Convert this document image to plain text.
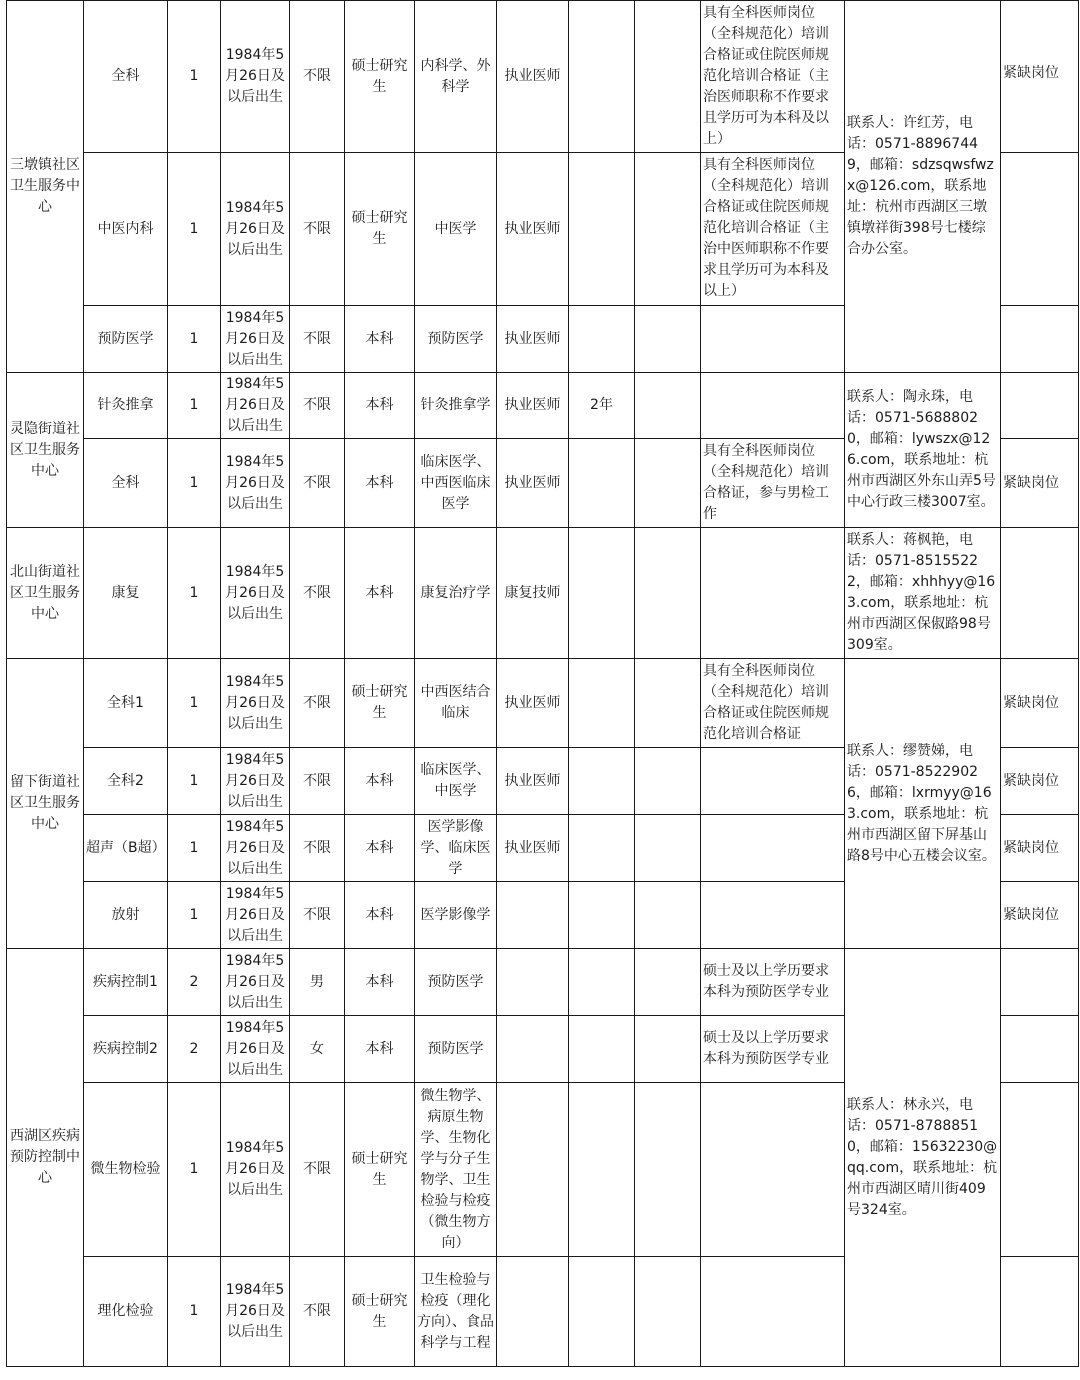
三墩镇社区卫生服务中心	全科	1	1984年5月26日及以后出生	不限	硕士研究生	内科学、外科学	执业医师			具有全科医师岗位（全科规范化）培训合格证或住院医师规范化培训合格证（主治医师职称不作要求且学历可为本科及以上）	联系人：许红芳，电话：0571-88967449，邮箱：sdzsqwsfwzx@126.com，联系地址：杭州市西湖区三墩镇墩祥街398号七楼综合办公室。	紧缺岗位
	中医内科	1	1984年5月26日及以后出生	不限	硕士研究生	中医学	执业医师			具有全科医师岗位（全科规范化）培训合格证或住院医师规范化培训合格证（主治中医师职称不作要求且学历可为本科及以上）		
	预防医学	1	1984年5月26日及以后出生	不限	本科	预防医学	执业医师					
灵隐街道社区卫生服务中心	针灸推拿	1	1984年5月26日及以后出生	不限	本科	针灸推拿学	执业医师	2年			联系人：陶永珠，电话：0571-56888020，邮箱：lywszx@126.com，联系地址：杭州市西湖区外东山弄5号中心行政三楼3007室。	
	全科	1	1984年5月26日及以后出生	不限	本科	临床医学、中西医临床医学	执业医师			具有全科医师岗位（全科规范化）培训合格证，参与男检工作		紧缺岗位
北山街道社区卫生服务中心	康复	1	1984年5月26日及以后出生	不限	本科	康复治疗学	康复技师				联系人：蒋枫艳，电话：0571-85155222，邮箱：xhhhyy@163.com，联系地址：杭州市西湖区保俶路98号309室。	
留下街道社区卫生服务中心	全科1	1	1984年5月26日及以后出生	不限	硕士研究生	中西医结合临床	执业医师			具有全科医师岗位（全科规范化）培训合格证或住院医师规范化培训合格证	联系人：缪赞娣，电话：0571-85229026，邮箱：lxrmyy@163.com，联系地址：杭州市西湖区留下屏基山路8号中心五楼会议室。	紧缺岗位
	全科2	1	1984年5月26日及以后出生	不限	本科	临床医学、中医学	执业医师					紧缺岗位
	超声（B超）	1	1984年5月26日及以后出生	不限	本科	医学影像学、临床医学	执业医师					紧缺岗位
	放射	1	1984年5月26日及以后出生	不限	本科	医学影像学						紧缺岗位
西湖区疾病预防控制中心	疾病控制1	2	1984年5月26日及以后出生	男	本科	预防医学				硕士及以上学历要求本科为预防医学专业	联系人：林永兴，电话：0571-87888510，邮箱：15632230@qq.com，联系地址：杭州市西湖区晴川街409号324室。	
	疾病控制2	2	1984年5月26日及以后出生	女	本科	预防医学				硕士及以上学历要求本科为预防医学专业		
	微生物检验	1	1984年5月26日及以后出生	不限	硕士研究生	微生物学、病原生物学、生物化学与分子生物学、卫生检验与检疫（微生物方向）						
	理化检验	1	1984年5月26日及以后出生	不限	硕士研究生	卫生检验与检疫（理化方向）、食品科学与工程						
